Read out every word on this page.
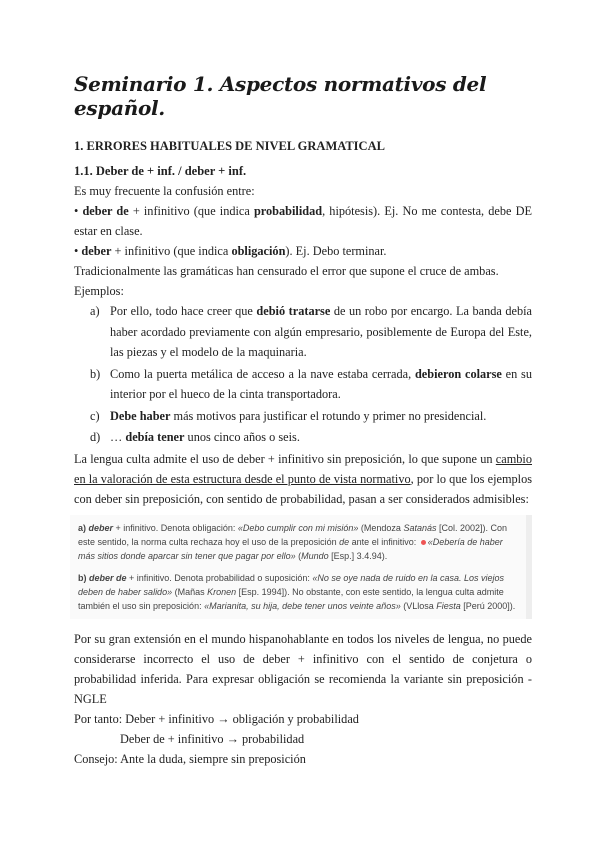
Seminario 1. Aspectos normativos del español.
1. ERRORES HABITUALES DE NIVEL GRAMATICAL
1.1. Deber de + inf. / deber + inf.

Es muy frecuente la confusión entre:

• deber de + infinitivo (que indica probabilidad, hipótesis). Ej. No me contesta, debe DE estar en clase.

• deber + infinitivo (que indica obligación). Ej. Debo terminar.

Tradicionalmente las gramáticas han censurado el error que supone el cruce de ambas.

Ejemplos:

a) Por ello, todo hace creer que debió tratarse de un robo por encargo. La banda debía haber acordado previamente con algún empresario, posiblemente de Europa del Este, las piezas y el modelo de la maquinaria.
b) Como la puerta metálica de acceso a la nave estaba cerrada, debieron colarse en su interior por el hueco de la cinta transportadora.
c) Debe haber más motivos para justificar el rotundo y primer no presidencial.
d) … debía tener unos cinco años o seis.

La lengua culta admite el uso de deber + infinitivo sin preposición, lo que supone un cambio en la valoración de esta estructura desde el punto de vista normativo, por lo que los ejemplos con deber sin preposición, con sentido de probabilidad, pasan a ser considerados admisibles:

a) deber + infinitivo. Denota obligación: «Debo cumplir con mi misión» (Mendoza Satanás [Col. 2002]). Con este sentido, la norma culta rechaza hoy el uso de la preposición de ante el infinitivo: «Debería de haber más sitios donde aparcar sin tener que pagar por ello» (Mundo [Esp.] 3.4.94).

b) deber de + infinitivo. Denota probabilidad o suposición: «No se oye nada de ruido en la casa. Los viejos deben de haber salido» (Mañas Kronen [Esp. 1994]). No obstante, con este sentido, la lengua culta admite también el uso sin preposición: «Marianita, su hija, debe tener unos veinte años» (VLlosa Fiesta [Perú 2000]).

Por su gran extensión en el mundo hispanohablante en todos los niveles de lengua, no puede considerarse incorrecto el uso de deber + infinitivo con el sentido de conjetura o probabilidad inferida. Para expresar obligación se recomienda la variante sin preposición - NGLE

Por tanto: Deber + infinitivo → obligación y probabilidad

Deber de + infinitivo → probabilidad

Consejo: Ante la duda, siempre sin preposición
